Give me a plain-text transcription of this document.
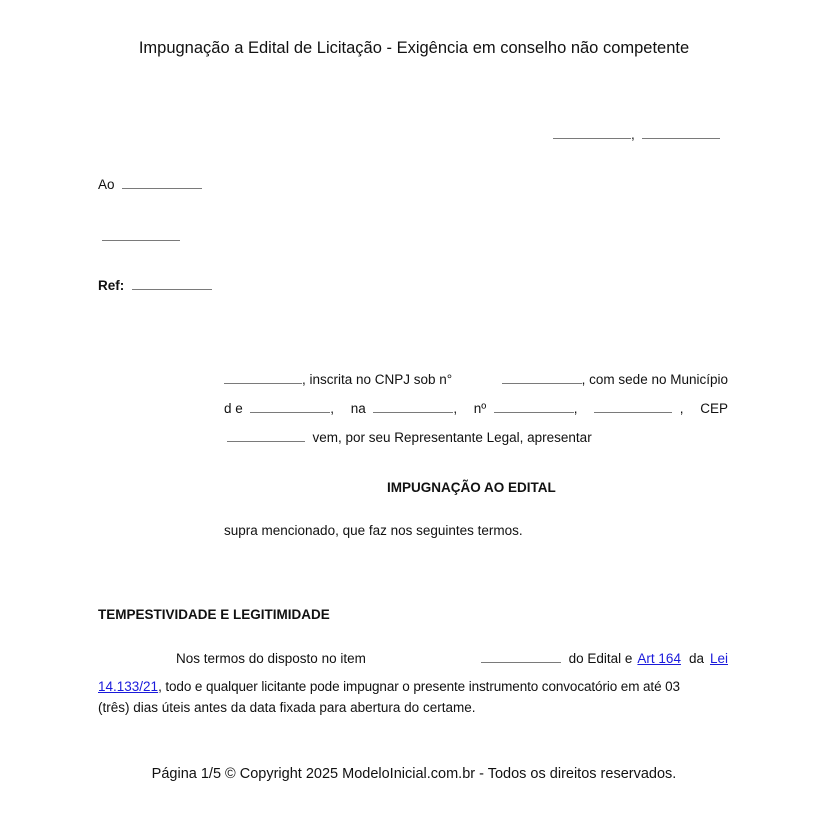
Impugnação a Edital de Licitação - Exigência em conselho não competente
,
Ao
Ref:
, inscrita no CNPJ sob n°	, com sede no Município
d e	, na	, nº	,	, CEP
vem, por seu Representante Legal, apresentar
IMPUGNAÇÃO AO EDITAL
supra mencionado, que faz nos seguintes termos.
TEMPESTIVIDADE E LEGITIMIDADE
Nos termos do disposto no item	do Edital e Art 164 da Lei
14.133/21, todo e qualquer licitante pode impugnar o presente instrumento convocatório em até 03
(três) dias úteis antes da data fixada para abertura do certame.
Página 1/5 © Copyright 2025 ModeloInicial.com.br - Todos os direitos reservados.
